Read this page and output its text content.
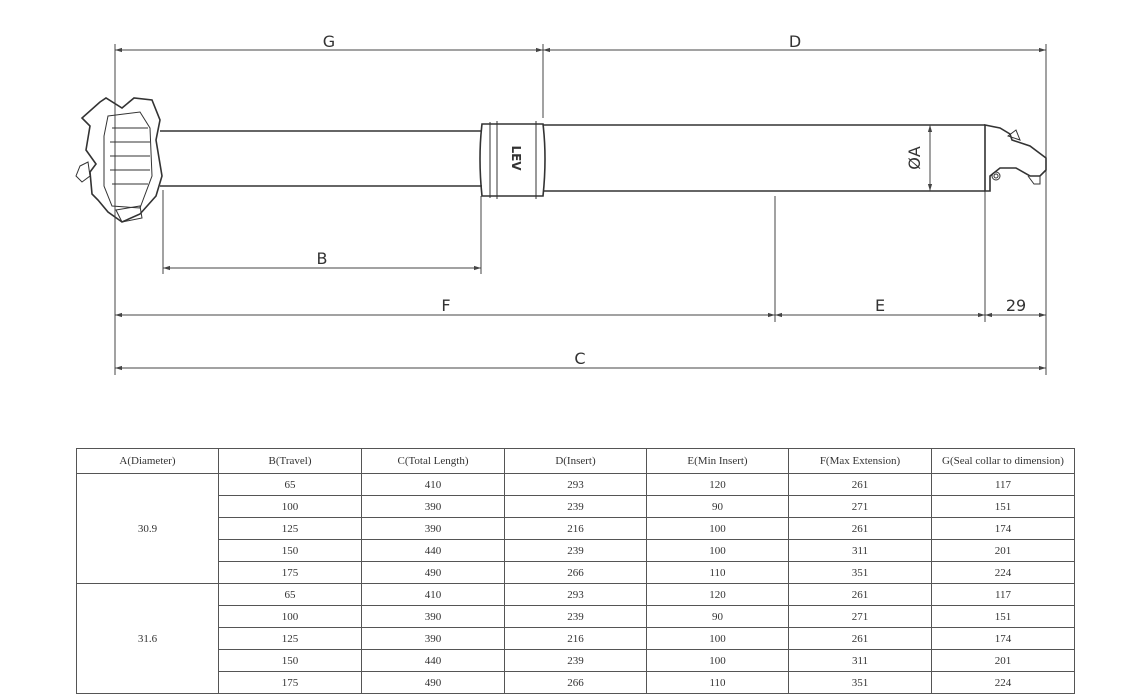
G	D
B
F	E	29
C
LEV	ØA
A(Diameter)	B(Travel)	C(Total Length)	D(Insert)	E(Min Insert)	F(Max Extension)	G(Seal collar to dimension)
30.9	65	410	293	120	261	117
	100	390	239	90	271	151
	125	390	216	100	261	174
	150	440	239	100	311	201
	175	490	266	110	351	224
31.6	65	410	293	120	261	117
	100	390	239	90	271	151
	125	390	216	100	261	174
	150	440	239	100	311	201
	175	490	266	110	351	224
